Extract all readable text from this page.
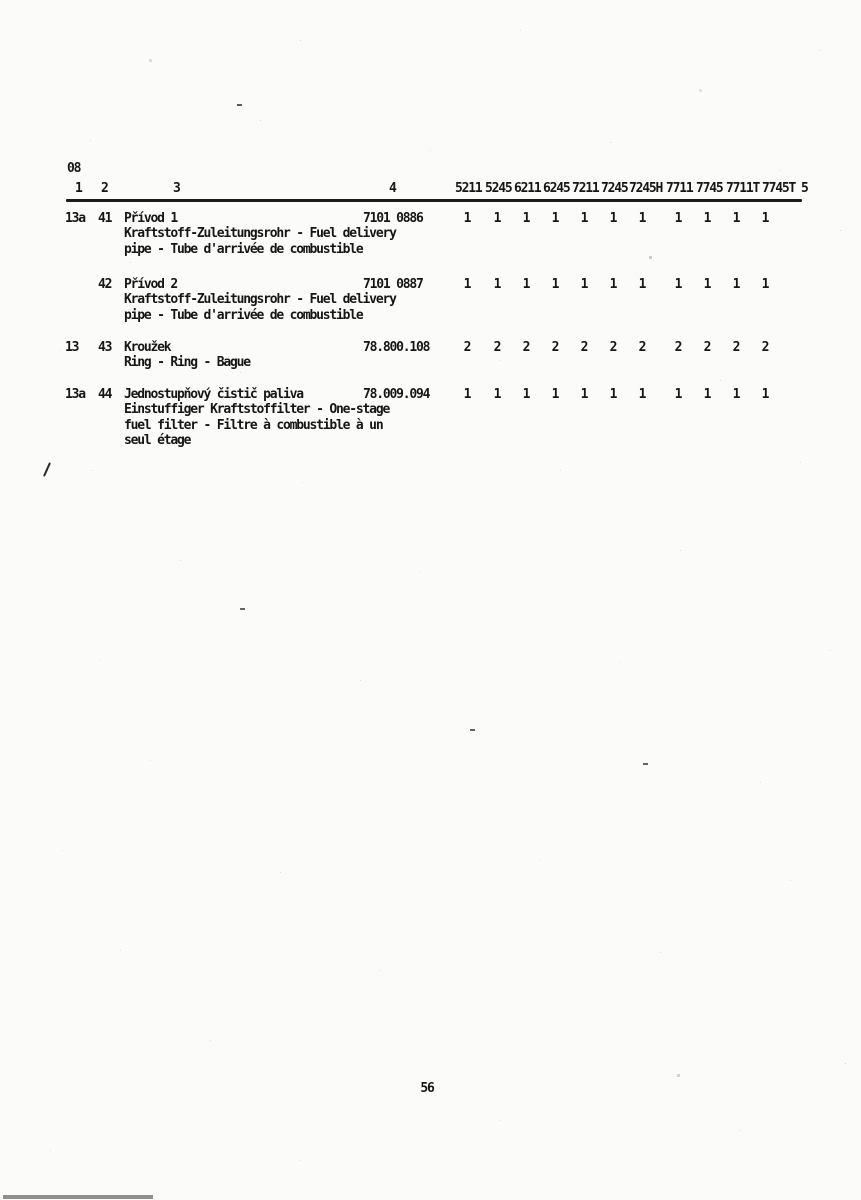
08
1 2	3	4	5211 5245 6211 6245 7211 7245 7245H 7711 7745 7711T 7745T 5
13a 41 Přívod 1	7101 0886	1	1	1	1	1	1	1	1	1	1	1
Kraftstoff-Zuleitungsrohr - Fuel delivery
pipe - Tube d'arrivée de combustible
42 Přívod 2	7101 0887	1	1	1	1	1	1	1	1	1	1	1
Kraftstoff-Zuleitungsrohr - Fuel delivery
pipe - Tube d'arrivée de combustible
13 43 Kroužek	78.800.108	2	2	2	2	2	2	2	2	2	2	2
Ring - Ring - Bague
13a 44 Jednostupňový čistič paliva	78.009.094	1	1	1	1	1	1	1	1	1	1	1
Einstuffiger Kraftstoffilter - One-stage
fuel filter - Filtre à combustible à un
seul étage
56
